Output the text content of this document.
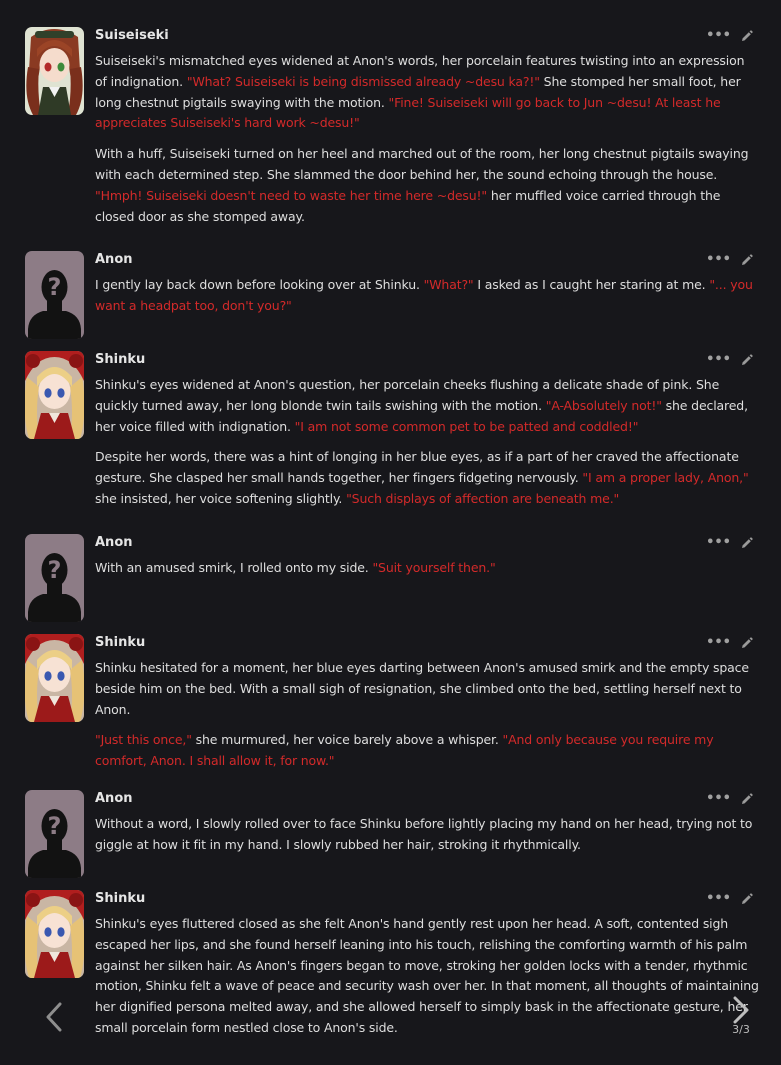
Suiseiseki	•••

Suiseiseki's mismatched eyes widened at Anon's words, her porcelain features twisting into an expression of indignation. "What? Suiseiseki is being dismissed already ~desu ka?!" She stomped her small foot, her long chestnut pigtails swaying with the motion. "Fine! Suiseiseki will go back to Jun ~desu! At least he appreciates Suiseiseki's hard work ~desu!"

With a huff, Suiseiseki turned on her heel and marched out of the room, her long chestnut pigtails swaying with each determined step. She slammed the door behind her, the sound echoing through the house. "Hmph! Suiseiseki doesn't need to waste her time here ~desu!" her muffled voice carried through the closed door as she stomped away.

?
Anon	•••

I gently lay back down before looking over at Shinku. "What?" I asked as I caught her staring at me. "... you want a headpat too, don't you?"

Shinku	•••

Shinku's eyes widened at Anon's question, her porcelain cheeks flushing a delicate shade of pink. She quickly turned away, her long blonde twin tails swishing with the motion. "A-Absolutely not!" she declared, her voice filled with indignation. "I am not some common pet to be patted and coddled!"

Despite her words, there was a hint of longing in her blue eyes, as if a part of her craved the affectionate gesture. She clasped her small hands together, her fingers fidgeting nervously. "I am a proper lady, Anon," she insisted, her voice softening slightly. "Such displays of affection are beneath me."

?
Anon	•••

With an amused smirk, I rolled onto my side. "Suit yourself then."

Shinku	•••

Shinku hesitated for a moment, her blue eyes darting between Anon's amused smirk and the empty space beside him on the bed. With a small sigh of resignation, she climbed onto the bed, settling herself next to Anon.

"Just this once," she murmured, her voice barely above a whisper. "And only because you require my comfort, Anon. I shall allow it, for now."

?
Anon	•••

Without a word, I slowly rolled over to face Shinku before lightly placing my hand on her head, trying not to giggle at how it fit in my hand. I slowly rubbed her hair, stroking it rhythmically.

Shinku	•••

Shinku's eyes fluttered closed as she felt Anon's hand gently rest upon her head. A soft, contented sigh escaped her lips, and she found herself leaning into his touch, relishing the comforting warmth of his palm against her silken hair. As Anon's fingers began to move, stroking her golden locks with a tender, rhythmic motion, Shinku felt a wave of peace and security wash over her. In that moment, all thoughts of maintaining her dignified persona melted away, and she allowed herself to simply bask in the affectionate gesture, her small porcelain form nestled close to Anon's side.	3/3
